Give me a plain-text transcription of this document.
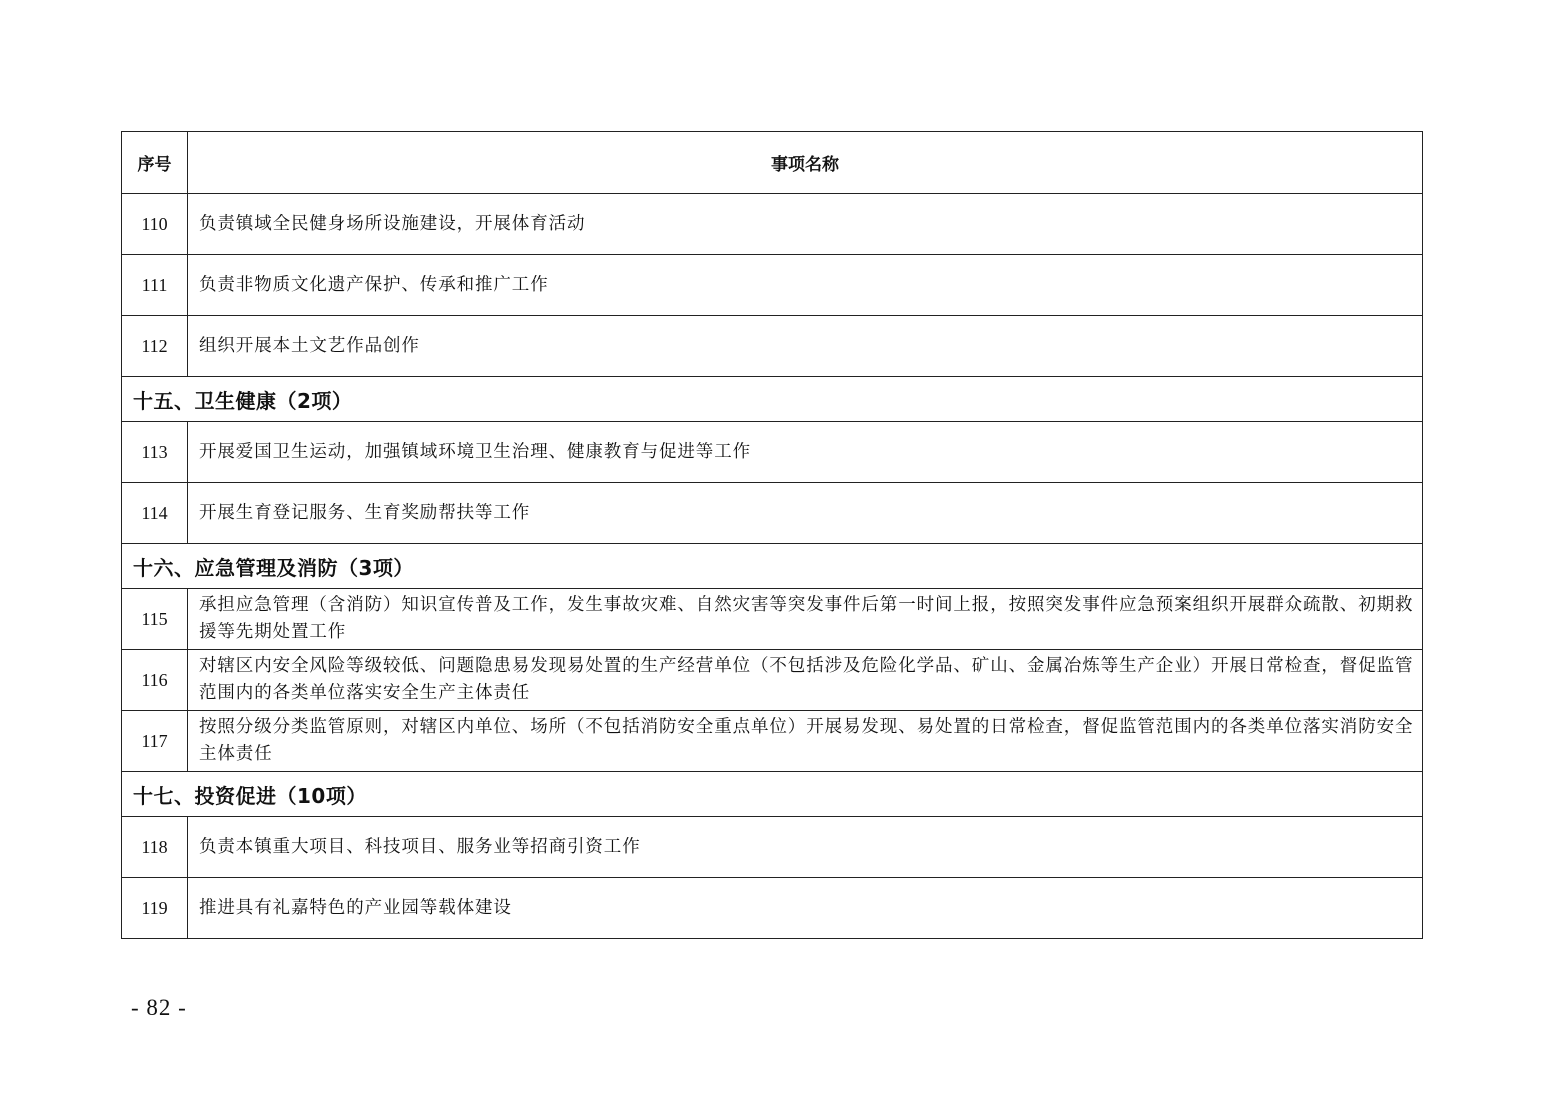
序号	事项名称
110	负责镇域全民健身场所设施建设，开展体育活动
111	负责非物质文化遗产保护、传承和推广工作
112	组织开展本土文艺作品创作
十五、卫生健康（2项）	
113	开展爱国卫生运动，加强镇域环境卫生治理、健康教育与促进等工作
114	开展生育登记服务、生育奖励帮扶等工作
十六、应急管理及消防（3项）	
115	承担应急管理（含消防）知识宣传普及工作，发生事故灾难、自然灾害等突发事件后第一时间上报，按照突发事件应急预案组织开展群众疏散、初期救援等先期处置工作
116	对辖区内安全风险等级较低、问题隐患易发现易处置的生产经营单位（不包括涉及危险化学品、矿山、金属冶炼等生产企业）开展日常检查，督促监管范围内的各类单位落实安全生产主体责任
117	按照分级分类监管原则，对辖区内单位、场所（不包括消防安全重点单位）开展易发现、易处置的日常检查，督促监管范围内的各类单位落实消防安全主体责任
十七、投资促进（10项）	
118	负责本镇重大项目、科技项目、服务业等招商引资工作
119	推进具有礼嘉特色的产业园等载体建设
- 82 -
